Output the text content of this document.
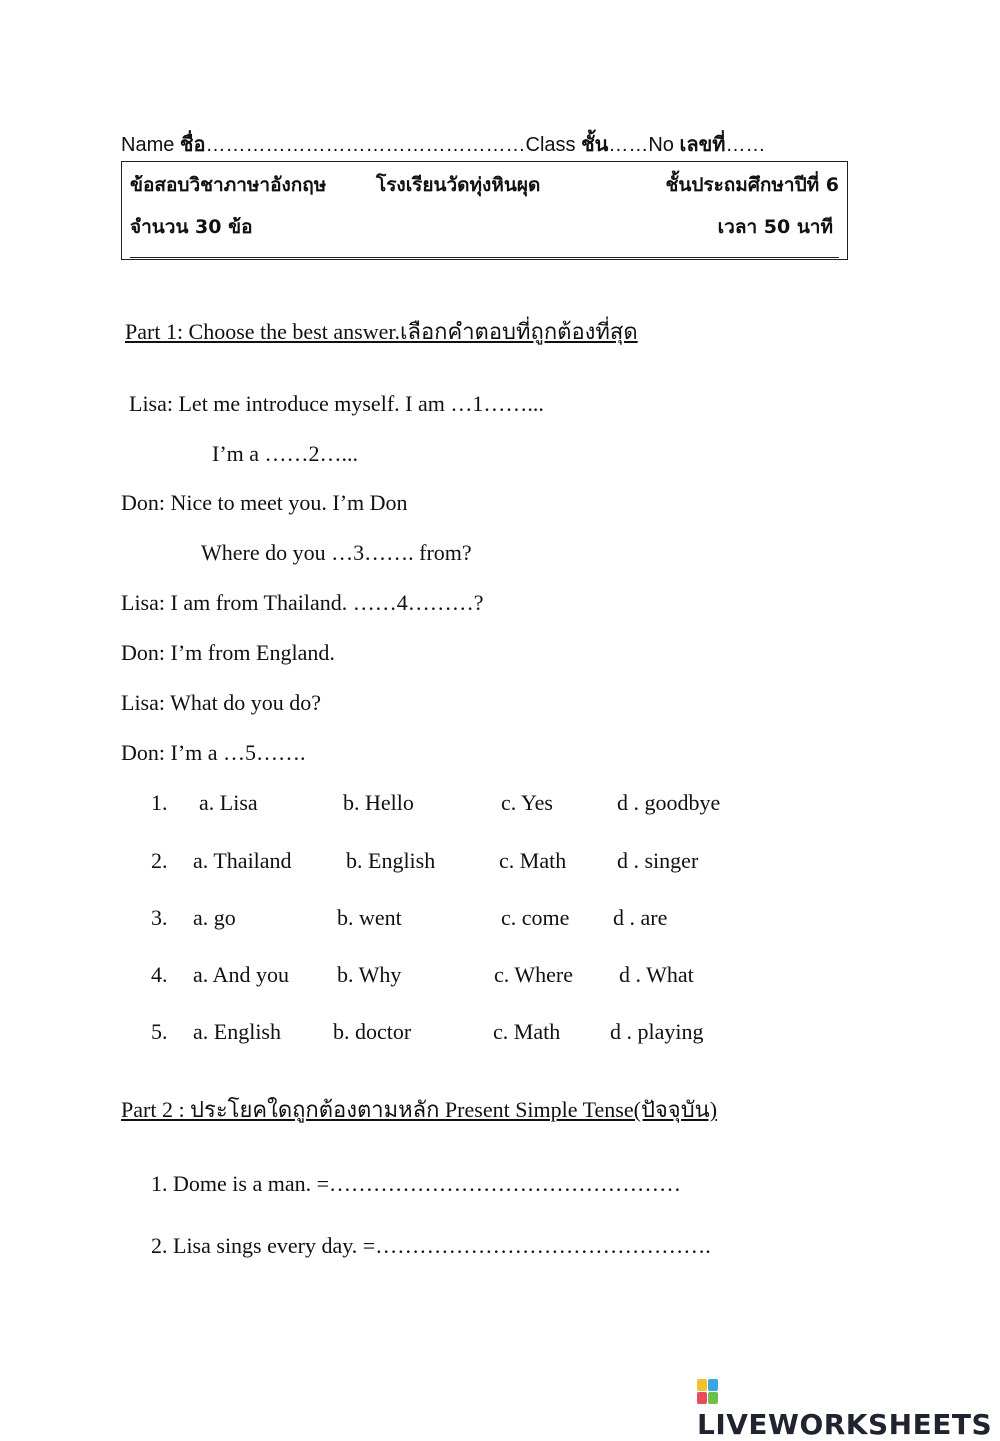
Name ชื่อ…………………………………………Class ชั้น……No เลขที่……
ข้อสอบวิชาภาษาอังกฤษ	โรงเรียนวัดทุ่งหินผุด	ชั้นประถมศึกษาปีที่ 6
จำนวน 30 ข้อ	เวลา 50 นาที
Part 1: Choose the best answer.เลือกคำตอบที่ถูกต้องที่สุด
Lisa: Let me introduce myself. I am …1……...
I’m a ……2…...
Don: Nice to meet you. I’m Don
Where do you …3……. from?
Lisa: I am from Thailand. ……4………?
Don: I’m from England.
Lisa: What do you do?
Don: I’m a …5…….
1. a. Lisa	b. Hello	c. Yes	d . goodbye
2. a. Thailand b. English	c. Math d . singer
3. a. go	b. went	c. come d . are
4. a. And you b. Why	c. Where d . What
5. a. English b. doctor	c. Math d . playing
Part 2 : ประโยคใดถูกต้องตามหลัก Present Simple Tense(ปัจจุบัน)
1. Dome is a man. =…………………………………………
2. Lisa sings every day. =……………………………………….
LIVEWORKSHEETS
